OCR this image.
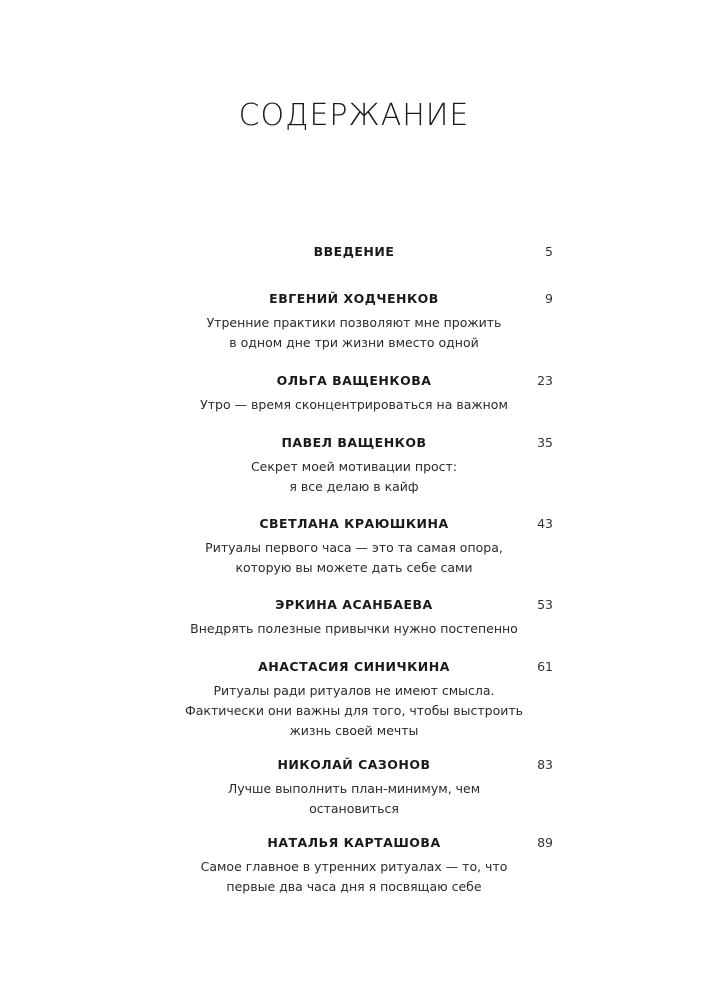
СОДЕРЖАНИЕ
ВВЕДЕНИЕ	5
ЕВГЕНИЙ ХОДЧЕНКОВ	9
Утренние практики позволяют мне прожить
в одном дне три жизни вместо одной
ОЛЬГА ВАЩЕНКОВА	23
Утро — время сконцентрироваться на важном
ПАВЕЛ ВАЩЕНКОВ	35
Секрет моей мотивации прост:
я все делаю в кайф
СВЕТЛАНА КРАЮШКИНА	43
Ритуалы первого часа — это та самая опора,
которую вы можете дать себе сами
ЭРКИНА АСАНБАЕВА	53
Внедрять полезные привычки нужно постепенно
АНАСТАСИЯ СИНИЧКИНА	61
Ритуалы ради ритуалов не имеют смысла.
Фактически они важны для того, чтобы выстроить
жизнь своей мечты
НИКОЛАЙ САЗОНОВ	83
Лучше выполнить план-минимум, чем
остановиться
НАТАЛЬЯ КАРТАШОВА	89
Самое главное в утренних ритуалах — то, что
первые два часа дня я посвящаю себе
